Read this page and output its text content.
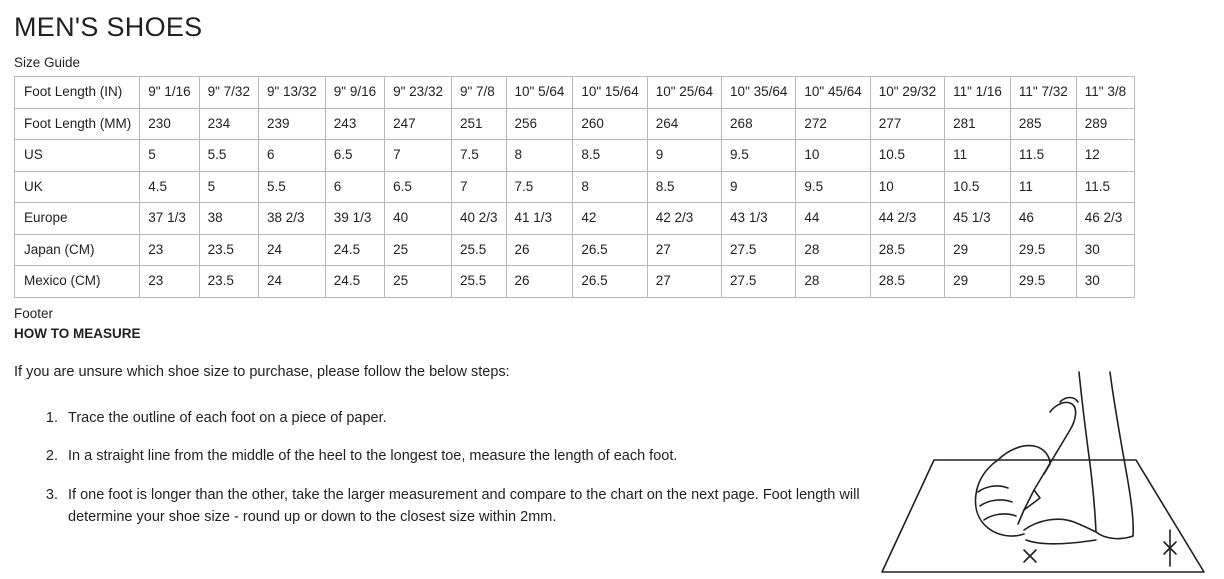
MEN'S SHOES
Size Guide
Foot Length (IN)	9" 1/16	9" 7/32	9" 13/32	9" 9/16	9" 23/32	9" 7/8	10" 5/64	10" 15/64	10" 25/64	10" 35/64	10" 45/64	10" 29/32	11" 1/16	11" 7/32	11" 3/8
Foot Length (MM)	230	234	239	243	247	251	256	260	264	268	272	277	281	285	289
US	5	5.5	6	6.5	7	7.5	8	8.5	9	9.5	10	10.5	11	11.5	12
UK	4.5	5	5.5	6	6.5	7	7.5	8	8.5	9	9.5	10	10.5	11	11.5
Europe	37 1/3	38	38 2/3	39 1/3	40	40 2/3	41 1/3	42	42 2/3	43 1/3	44	44 2/3	45 1/3	46	46 2/3
Japan (CM)	23	23.5	24	24.5	25	25.5	26	26.5	27	27.5	28	28.5	29	29.5	30
Mexico (CM)	23	23.5	24	24.5	25	25.5	26	26.5	27	27.5	28	28.5	29	29.5	30
Footer
HOW TO MEASURE
If you are unsure which shoe size to purchase, please follow the below steps:
1. Trace the outline of each foot on a piece of paper.
2. In a straight line from the middle of the heel to the longest toe, measure the length of each foot.
3. If one foot is longer than the other, take the larger measurement and compare to the chart on the next page. Foot length will determine your shoe size - round up or down to the closest size within 2mm.
